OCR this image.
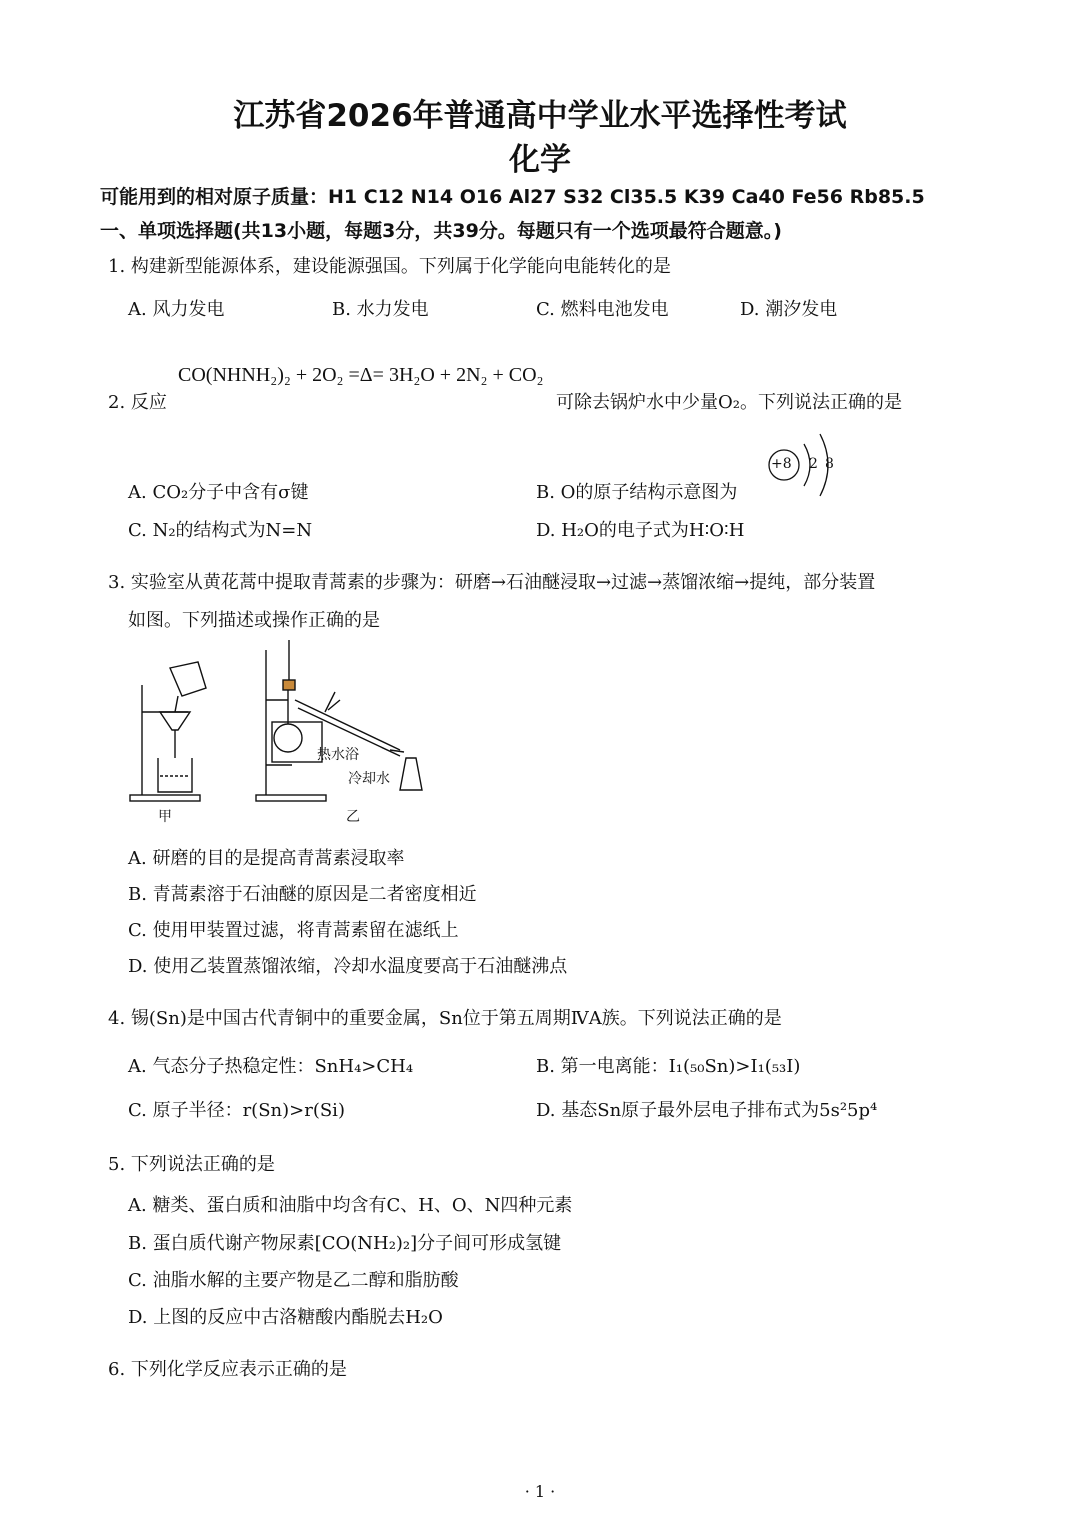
江苏省2026年普通高中学业水平选择性考试
化学
可能用到的相对原子质量：H1 C12 N14 O16 Al27 S32 Cl35.5 K39 Ca40 Fe56 Rb85.5
一、单项选择题(共13小题，每题3分，共39分。每题只有一个选项最符合题意。)
1. 构建新型能源体系，建设能源强国。下列属于化学能向电能转化的是
A. 风力发电	B. 水力发电	C. 燃料电池发电	D. 潮汐发电
2. 反应
CO(NHNH₂)₂ + 2O₂ =Δ= 3H₂O + 2N₂ + CO₂
可除去锅炉水中少量O₂。下列说法正确的是
A. CO₂分子中含有σ键	B. O的原子结构示意图为
+8 2 8
C. N₂的结构式为N=N	D. H₂O的电子式为H∶O∶H
3. 实验室从黄花蒿中提取青蒿素的步骤为：研磨→石油醚浸取→过滤→蒸馏浓缩→提纯，部分装置
如图。下列描述或操作正确的是
热水浴
冷却水
甲	乙
A. 研磨的目的是提高青蒿素浸取率
B. 青蒿素溶于石油醚的原因是二者密度相近
C. 使用甲装置过滤，将青蒿素留在滤纸上
D. 使用乙装置蒸馏浓缩，冷却水温度要高于石油醚沸点
4. 锡(Sn)是中国古代青铜中的重要金属，Sn位于第五周期ⅣA族。下列说法正确的是
A. 气态分子热稳定性：SnH₄>CH₄	B. 第一电离能：I₁(₅₀Sn)>I₁(₅₃I)
C. 原子半径：r(Sn)>r(Si)	D. 基态Sn原子最外层电子排布式为5s²5p⁴
5. 下列说法正确的是
A. 糖类、蛋白质和油脂中均含有C、H、O、N四种元素
B. 蛋白质代谢产物尿素[CO(NH₂)₂]分子间可形成氢键
C. 油脂水解的主要产物是乙二醇和脂肪酸
D. 上图的反应中古洛糖酸内酯脱去H₂O
6. 下列化学反应表示正确的是
· 1 ·
